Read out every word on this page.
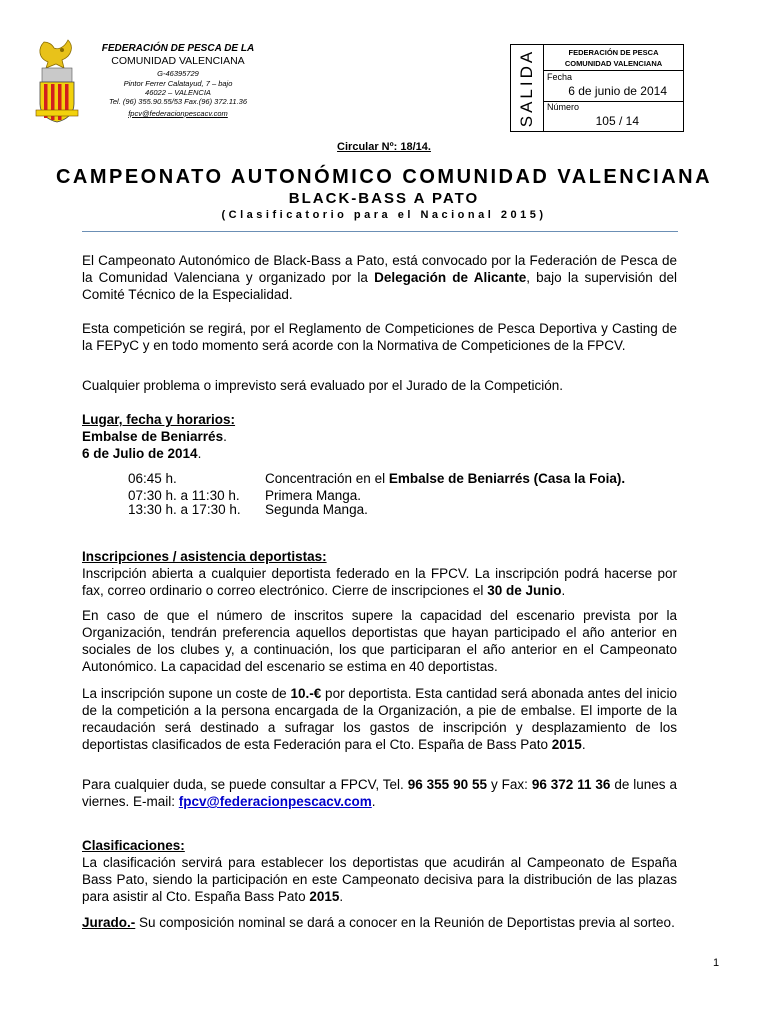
FEDERACIÓN DE PESCA DE LA
COMUNIDAD VALENCIANA
G-46395729
Pintor Ferrer Calatayud, 7 – bajo
46022 – VALENCIA
Tel. (96) 355.90.55/53 Fax.(96) 372.11.36
fpcv@federacionpescacv.com	SALIDA	FEDERACIÓN DE PESCA
COMUNIDAD VALENCIANA
Fecha
6 de junio de 2014
Número
105 / 14
Circular Nº: 18/14.
CAMPEONATO AUTONÓMICO COMUNIDAD VALENCIANA
BLACK-BASS A PATO
(Clasificatorio para el Nacional 2015)
El Campeonato Autonómico de Black-Bass a Pato, está convocado por la Federación de Pesca de la Comunidad Valenciana y organizado por la Delegación de Alicante, bajo la supervisión del Comité Técnico de la Especialidad.
Esta competición se regirá, por el Reglamento de Competiciones de Pesca Deportiva y Casting de la FEPyC y en todo momento será acorde con la Normativa de Competiciones de la FPCV.
Cualquier problema o imprevisto será evaluado por el Jurado de la Competición.
Lugar, fecha y horarios:
Embalse de Beniarrés.
6 de Julio de 2014.
06:45 h.	Concentración en el Embalse de Beniarrés (Casa la Foia).
07:30 h. a 11:30 h. Primera Manga.
13:30 h. a 17:30 h. Segunda Manga.
Inscripciones / asistencia deportistas:
Inscripción abierta a cualquier deportista federado en la FPCV. La inscripción podrá hacerse por fax, correo ordinario o correo electrónico. Cierre de inscripciones el 30 de Junio.
En caso de que el número de inscritos supere la capacidad del escenario prevista por la Organización, tendrán preferencia aquellos deportistas que hayan participado el año anterior en sociales de los clubes y, a continuación, los que participaran el año anterior en el Campeonato Autonómico. La capacidad del escenario se estima en 40 deportistas.
La inscripción supone un coste de 10.-€ por deportista. Esta cantidad será abonada antes del inicio de la competición a la persona encargada de la Organización, a pie de embalse. El importe de la recaudación será destinado a sufragar los gastos de inscripción y desplazamiento de los deportistas clasificados de esta Federación para el Cto. España de Bass Pato 2015.
Para cualquier duda, se puede consultar a FPCV, Tel. 96 355 90 55 y Fax: 96 372 11 36 de lunes a viernes. E-mail: fpcv@federacionpescacv.com.
Clasificaciones:
La clasificación servirá para establecer los deportistas que acudirán al Campeonato de España Bass Pato, siendo la participación en este Campeonato decisiva para la distribución de las plazas para asistir al Cto. España Bass Pato 2015.
Jurado.- Su composición nominal se dará a conocer en la Reunión de Deportistas previa al sorteo.
1
